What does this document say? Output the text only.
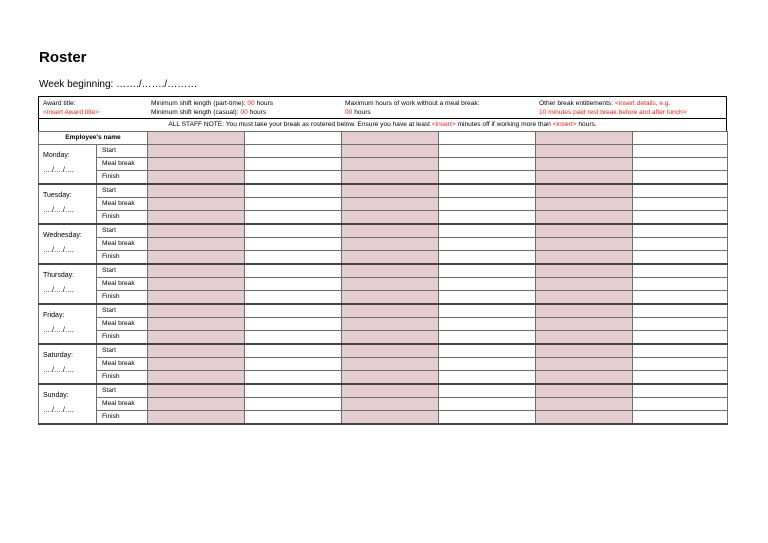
Roster
Week beginning: ……./……./………
Award title:
<insert Award title>
Minimum shift length (part-time): 00 hours
Minimum shift length (casual): 00 hours
Maximum hours of work without a meal break:
00 hours
Other break entitlements: <insert details, e.g.
10 minutes paid rest break before and after lunch>
ALL STAFF NOTE: You must take your break as rostered below. Ensure you have at least <insert> minutes off if working more than <insert> hours.
Employee's name							

Monday:
…./…./….	Start						
	Meal break						
	Finish						

Tuesday:
…./…./….	Start						
	Meal break						
	Finish						

Wednesday:
…./…./….	Start						
	Meal break						
	Finish						

Thursday:
…./…./….	Start						
	Meal break						
	Finish						

Friday:
…./…./….	Start						
	Meal break						
	Finish						

Saturday:
…./…./….	Start						
	Meal break						
	Finish						

Sunday:
…./…./….	Start						
	Meal break						
	Finish						
